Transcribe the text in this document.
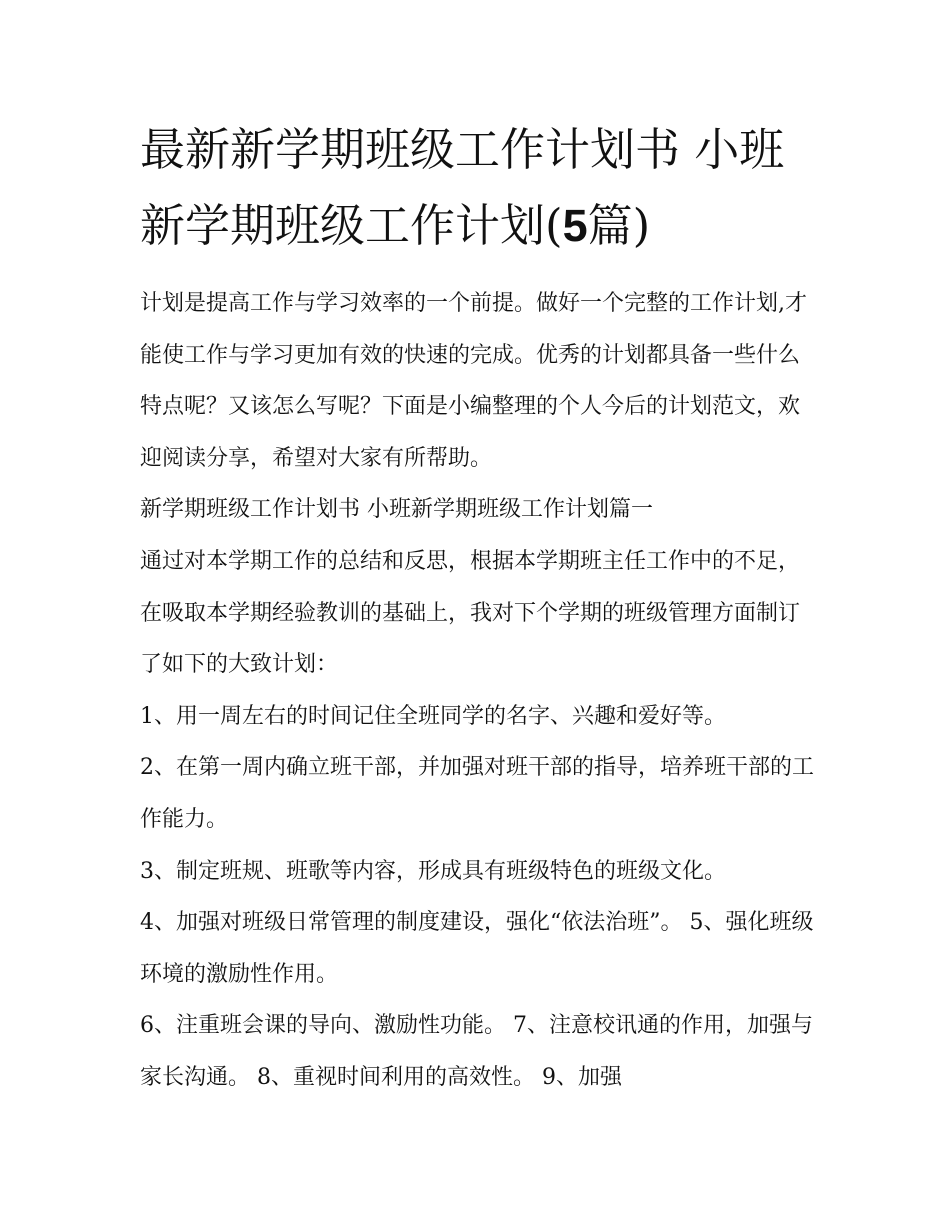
最新新学期班级工作计划书 小班新学期班级工作计划(5篇)

计划是提高工作与学习效率的一个前提。做好一个完整的工作计划,才能使工作与学习更加有效的快速的完成。优秀的计划都具备一些什么特点呢？又该怎么写呢？下面是小编整理的个人今后的计划范文，欢迎阅读分享，希望对大家有所帮助。

新学期班级工作计划书 小班新学期班级工作计划篇一

通过对本学期工作的总结和反思，根据本学期班主任工作中的不足，在吸取本学期经验教训的基础上，我对下个学期的班级管理方面制订了如下的大致计划：

1、用一周左右的时间记住全班同学的名字、兴趣和爱好等。

2、在第一周内确立班干部，并加强对班干部的指导，培养班干部的工作能力。

3、制定班规、班歌等内容，形成具有班级特色的班级文化。

4、加强对班级日常管理的制度建设，强化“依法治班”。 5、强化班级环境的激励性作用。

6、注重班会课的导向、激励性功能。 7、注意校讯通的作用，加强与家长沟通。 8、重视时间利用的高效性。 9、加强
